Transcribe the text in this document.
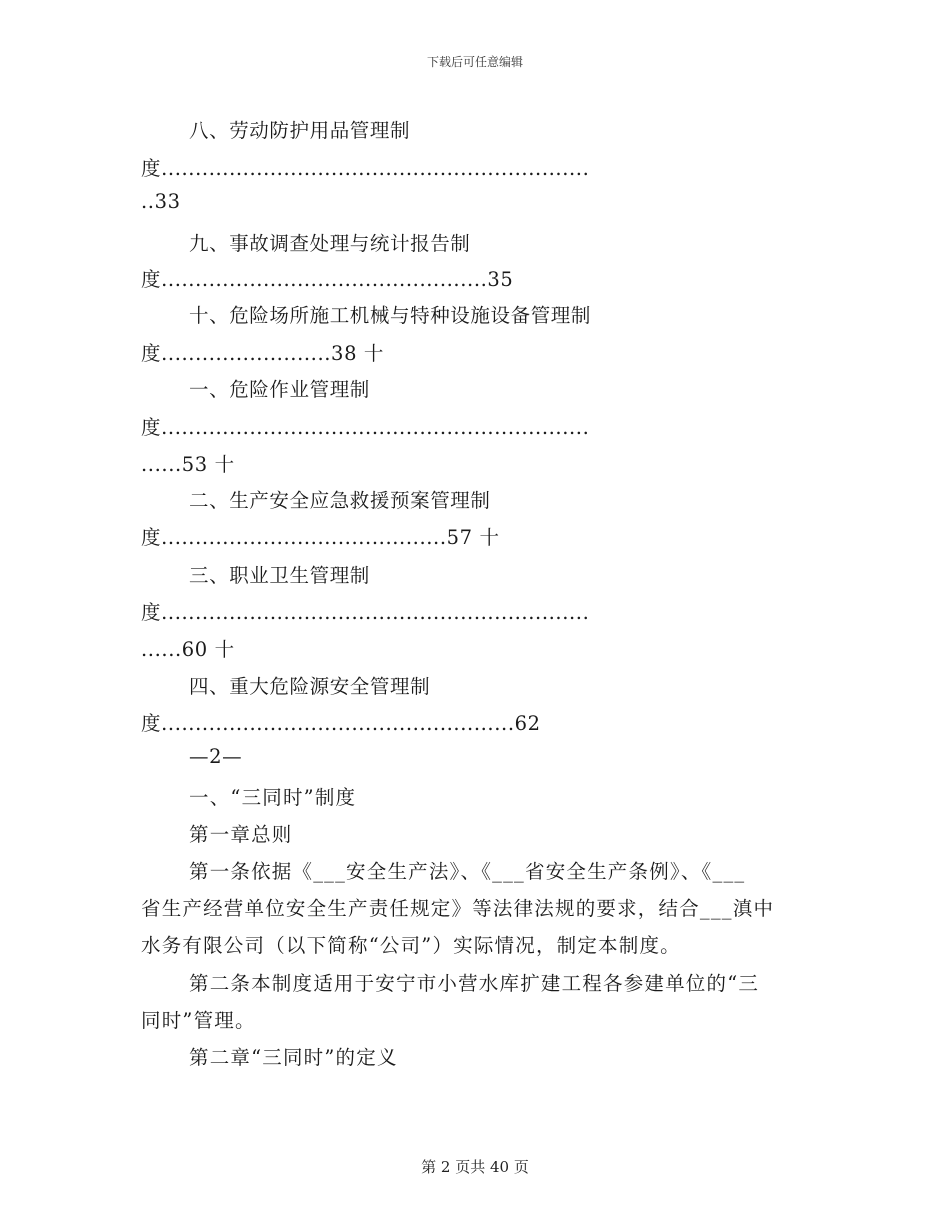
下载后可任意编辑
八、劳动防护用品管理制
度...............................................................
..33
九、事故调查处理与统计报告制
度................................................35
十、危险场所施工机械与特种设施设备管理制
度.........................38 十
一、危险作业管理制
度...............................................................
......53 十
二、生产安全应急救援预案管理制
度..........................................57 十
三、职业卫生管理制
度...............................................................
......60 十
四、重大危险源安全管理制
度....................................................62
—2—
一、“三同时”制度
第一章总则
第一条依据《___安全生产法》、《___省安全生产条例》、《___
省生产经营单位安全生产责任规定》等法律法规的要求，结合___滇中
水务有限公司（以下简称“公司”）实际情况，制定本制度。
第二条本制度适用于安宁市小营水库扩建工程各参建单位的“三
同时”管理。
第二章“三同时”的定义
第 2 页共 40 页
